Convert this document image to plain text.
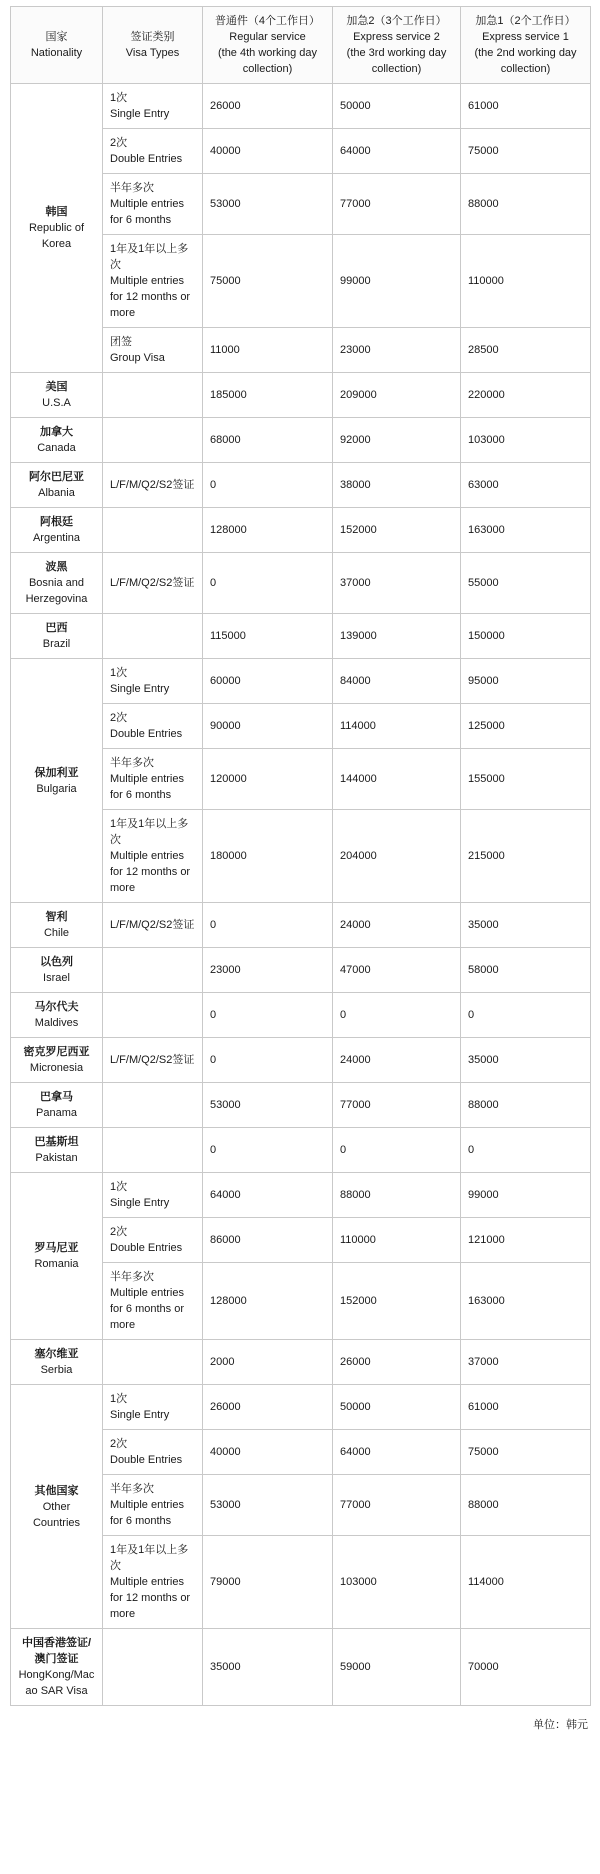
国家
Nationality	签证类别
Visa Types	普通件（4个工作日）
Regular service
(the 4th working day collection)	加急2（3个工作日）
Express service 2
(the 3rd working day collection)	加急1（2个工作日）
Express service 1
(the 2nd working day collection)

韩国
Republic of Korea	1次
Single Entry	26000	50000	61000

	2次
Double Entries	40000	64000	75000

	半年多次
Multiple entries for 6 months	53000	77000	88000

	1年及1年以上多次
Multiple entries for 12 months or more	75000	99000	110000

	团签
Group Visa	11000	23000	28500

美国
U.S.A		185000	209000	220000

加拿大
Canada		68000	92000	103000

阿尔巴尼亚
Albania	L/F/M/Q2/S2签证	0	38000	63000

阿根廷
Argentina		128000	152000	163000

波黑
Bosnia and Herzegovina	L/F/M/Q2/S2签证	0	37000	55000

巴西
Brazil		115000	139000	150000

保加利亚
Bulgaria	1次
Single Entry	60000	84000	95000

	2次
Double Entries	90000	114000	125000

	半年多次
Multiple entries for 6 months	120000	144000	155000

	1年及1年以上多次
Multiple entries for 12 months or more	180000	204000	215000

智利
Chile	L/F/M/Q2/S2签证	0	24000	35000

以色列
Israel		23000	47000	58000

马尔代夫
Maldives		0	0	0

密克罗尼西亚
Micronesia	L/F/M/Q2/S2签证	0	24000	35000

巴拿马
Panama		53000	77000	88000

巴基斯坦
Pakistan		0	0	0

罗马尼亚
Romania	1次
Single Entry	64000	88000	99000

	2次
Double Entries	86000	110000	121000

	半年多次
Multiple entries for 6 months or more	128000	152000	163000

塞尔维亚
Serbia		2000	26000	37000

其他国家
Other Countries	1次
Single Entry	26000	50000	61000

	2次
Double Entries	40000	64000	75000

	半年多次
Multiple entries for 6 months	53000	77000	88000

	1年及1年以上多次
Multiple entries for 12 months or more	79000	103000	114000

中国香港签证/澳门签证
HongKong/Macao SAR Visa		35000	59000	70000
单位：韩元
